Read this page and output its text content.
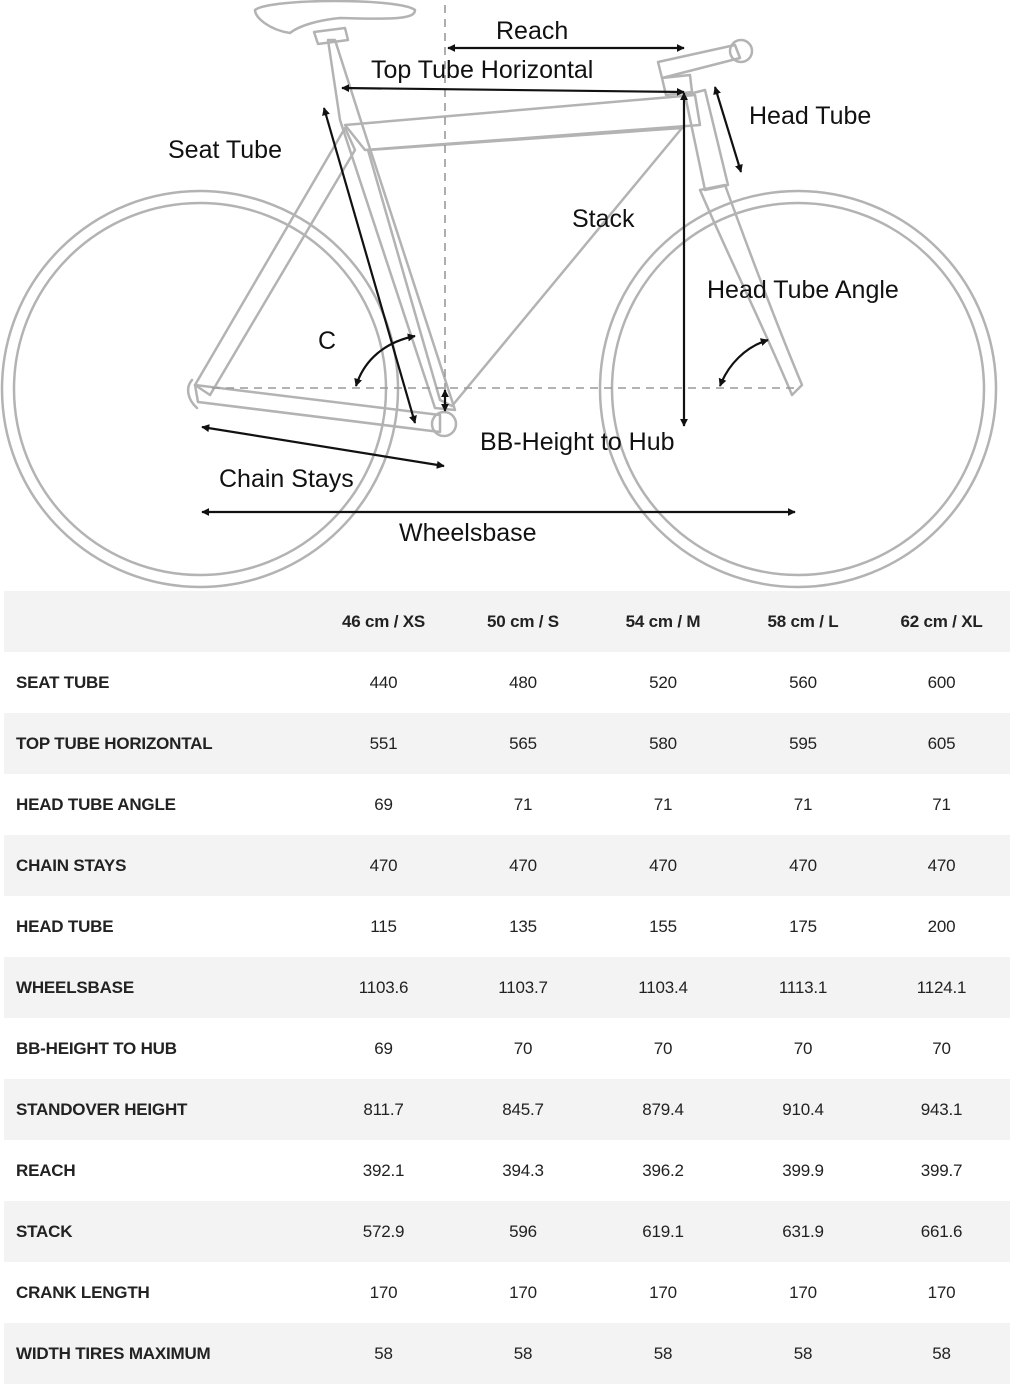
Reach
Top Tube Horizontal
Head Tube
Seat Tube
Stack
Head Tube Angle
C
BB-Height to Hub
Chain Stays
Wheelsbase
	46 cm / XS	50 cm / S	54 cm / M	58 cm / L	62 cm / XL
SEAT TUBE	440	480	520	560	600
TOP TUBE HORIZONTAL	551	565	580	595	605
HEAD TUBE ANGLE	69	71	71	71	71
CHAIN STAYS	470	470	470	470	470
HEAD TUBE	115	135	155	175	200
WHEELSBASE	1103.6	1103.7	1103.4	1113.1	1124.1
BB-HEIGHT TO HUB	69	70	70	70	70
STANDOVER HEIGHT	811.7	845.7	879.4	910.4	943.1
REACH	392.1	394.3	396.2	399.9	399.7
STACK	572.9	596	619.1	631.9	661.6
CRANK LENGTH	170	170	170	170	170
WIDTH TIRES MAXIMUM	58	58	58	58	58
